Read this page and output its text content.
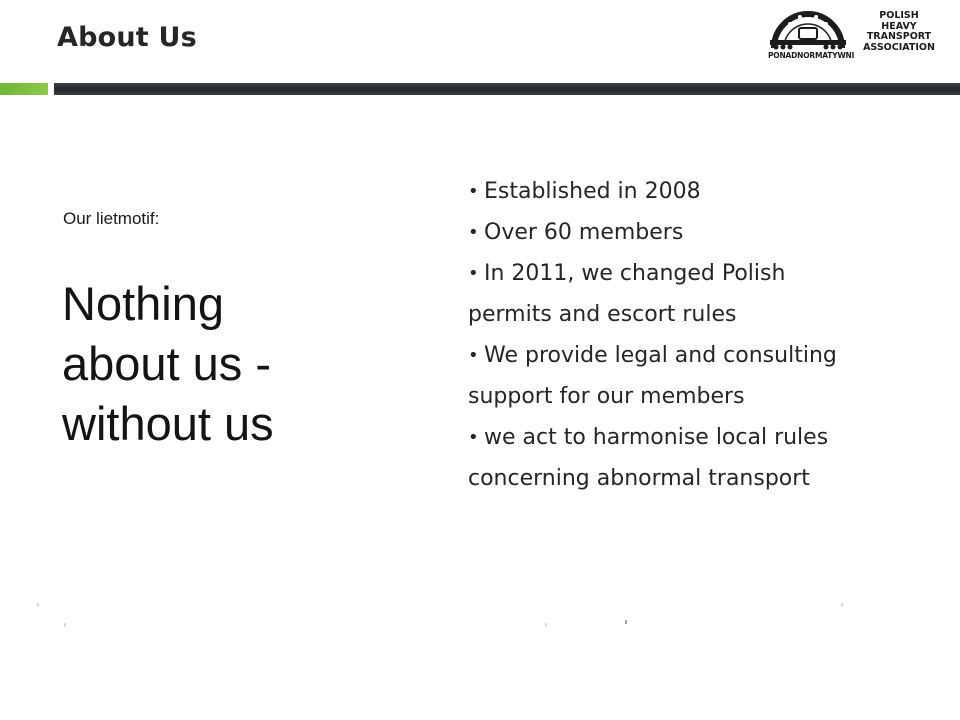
About Us
PONADNORMATYWNI
POLISH
HEAVY
TRANSPORT
ASSOCIATION
Our lietmotif:
Nothing
about us -
without us
• Established in 2008
• Over 60 members
• In 2011, we changed Polish permits and escort rules
• We provide legal and consulting support for our members
• we act to harmonise local rules concerning abnormal transport
